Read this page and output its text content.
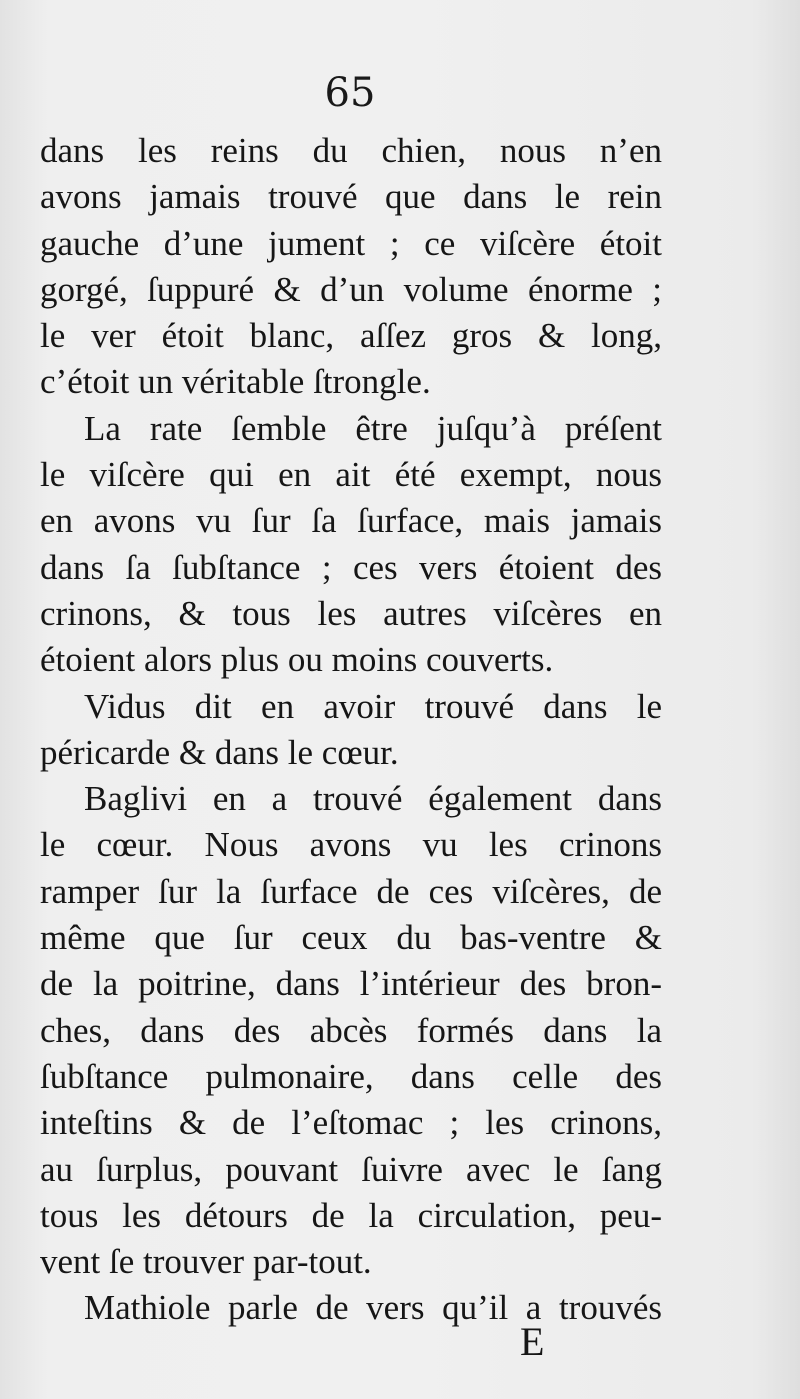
65
dans les reins du chien, nous n’en
avons jamais trouvé que dans le rein
gauche d’une jument ; ce viſcère étoit
gorgé, ſuppuré & d’un volume énorme ;
le ver étoit blanc, aſſez gros & long,
c’étoit un véritable ſtrongle.
La rate ſemble être juſqu’à préſent
le viſcère qui en ait été exempt, nous
en avons vu ſur ſa ſurface, mais jamais
dans ſa ſubſtance ; ces vers étoient des
crinons, & tous les autres viſcères en
étoient alors plus ou moins couverts.
Vidus dit en avoir trouvé dans le
péricarde & dans le cœur.
Baglivi en a trouvé également dans
le cœur. Nous avons vu les crinons
ramper ſur la ſurface de ces viſcères, de
même que ſur ceux du bas-ventre &
de la poitrine, dans l’intérieur des bron-
ches, dans des abcès formés dans la
ſubſtance pulmonaire, dans celle des
inteſtins & de l’eſtomac ; les crinons,
au ſurplus, pouvant ſuivre avec le ſang
tous les détours de la circulation, peu-
vent ſe trouver par-tout.
Mathiole parle de vers qu’il a trouvés
E
